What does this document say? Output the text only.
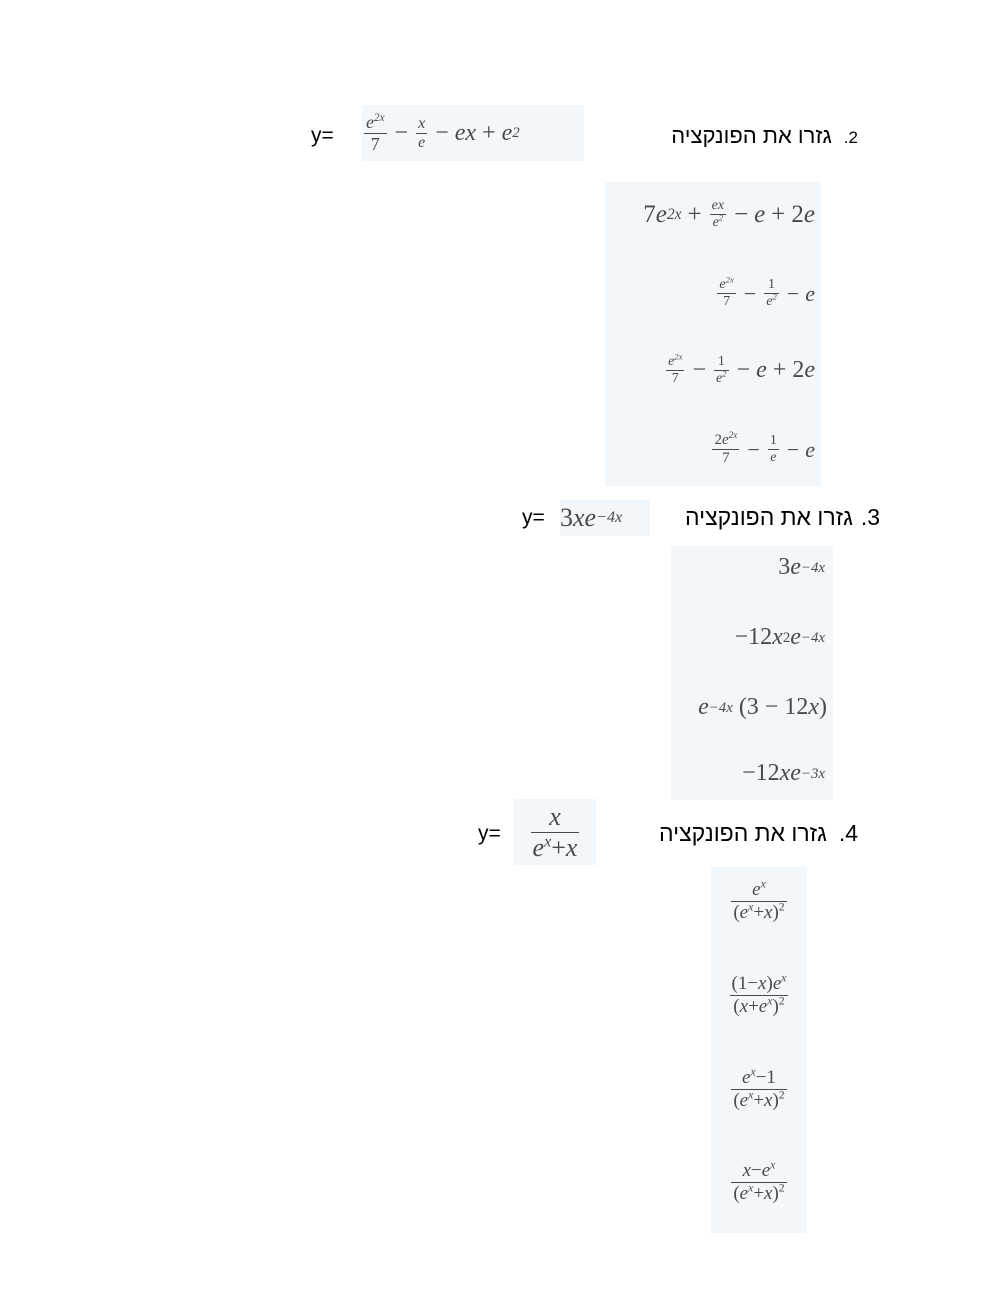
$y= \frac{e^{2x}}{7} - \frac{x}{e}$ − ex + e 2	2.גזרו את הפונקציה
7 e $2x + \frac{ex}{e^2} - e + 2$ e
$\frac{e^{2x}}{7} - \frac{1}{e^2} - e$
$\frac{e^{2x}}{7} - \frac{1}{e^2} - e + 2$ e
$\frac{2e^{2x}}{7} - \frac{1}{e} - e$
y= 3 xe −4x	3.גזרו את הפונקציה
3 e −4x
−12 x 2 e −4x
e −4x
(3 − 12 x )
−12 xe −3x
$y= \frac{x}{e^x+x}$	4.גזרו את הפונקציה
$\frac{e^x}{(e^x+x)^2}$
$\frac{(1-x)e^x}{(x+e^x)^2}$
$\frac{e^x-1}{(e^x+x)^2}$
$\frac{x-e^x}{(e^x+x)^2}$
